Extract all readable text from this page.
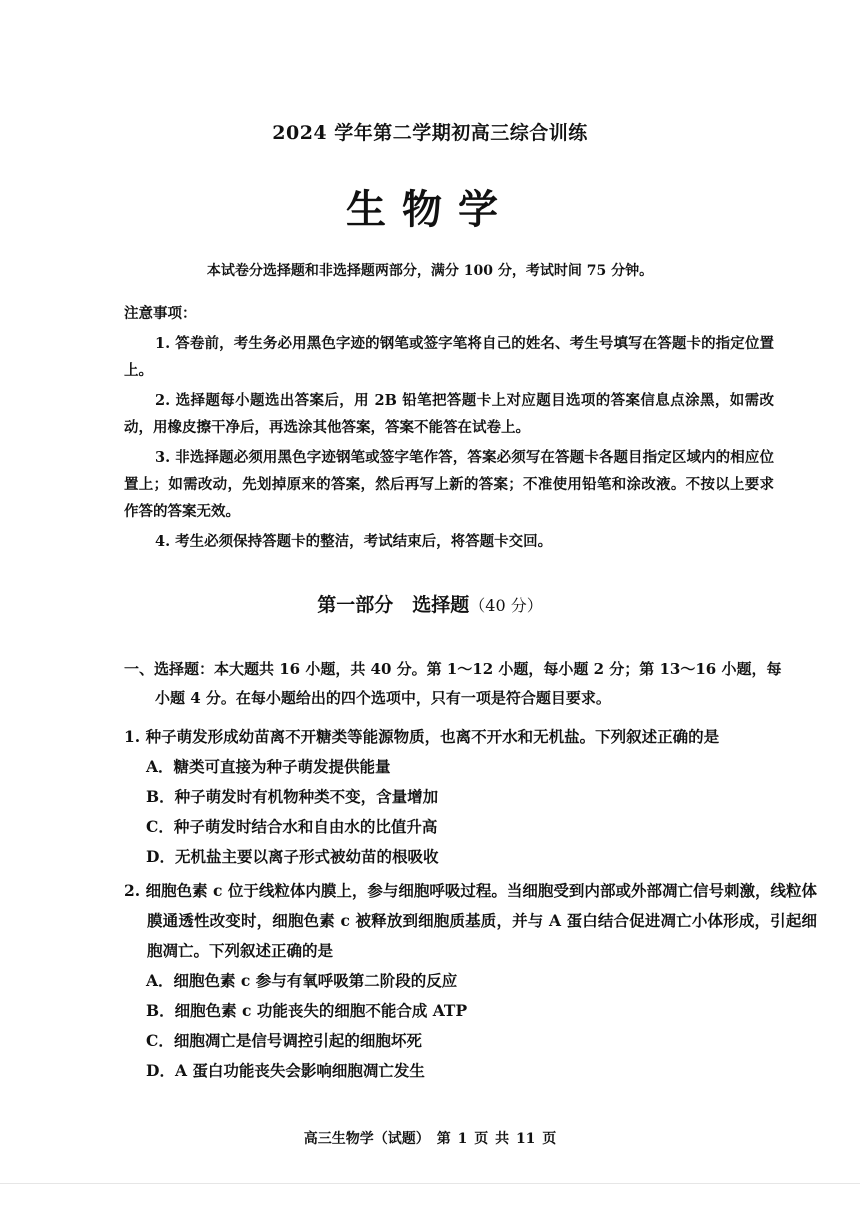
2024 学年第二学期初高三综合训练
生物学
本试卷分选择题和非选择题两部分，满分 100 分，考试时间 75 分钟。
注意事项：

1. 答卷前，考生务必用黑色字迹的钢笔或签字笔将自己的姓名、考生号填写在答题卡的指定位置上。

2. 选择题每小题选出答案后，用 2B 铅笔把答题卡上对应题目选项的答案信息点涂黑，如需改动，用橡皮擦干净后，再选涂其他答案，答案不能答在试卷上。

3. 非选择题必须用黑色字迹钢笔或签字笔作答，答案必须写在答题卡各题目指定区域内的相应位置上；如需改动，先划掉原来的答案，然后再写上新的答案；不准使用铅笔和涂改液。不按以上要求作答的答案无效。

4. 考生必须保持答题卡的整洁，考试结束后，将答题卡交回。

第一部分　选择题（40 分）
一、选择题：本大题共 16 小题，共 40 分。第 1～12 小题，每小题 2 分；第 13～16 小题，每小题 4 分。在每小题给出的四个选项中，只有一项是符合题目要求。
1. 种子萌发形成幼苗离不开糖类等能源物质，也离不开水和无机盐。下列叙述正确的是
A．糖类可直接为种子萌发提供能量
B．种子萌发时有机物种类不变，含量增加
C．种子萌发时结合水和自由水的比值升高
D．无机盐主要以离子形式被幼苗的根吸收
2. 细胞色素 c 位于线粒体内膜上，参与细胞呼吸过程。当细胞受到内部或外部凋亡信号刺激，线粒体膜通透性改变时，细胞色素 c 被释放到细胞质基质，并与 A 蛋白结合促进凋亡小体形成，引起细胞凋亡。下列叙述正确的是
A．细胞色素 c 参与有氧呼吸第二阶段的反应
B．细胞色素 c 功能丧失的细胞不能合成 ATP
C．细胞凋亡是信号调控引起的细胞坏死
D．A 蛋白功能丧失会影响细胞凋亡发生
高三生物学（试题）　第 1 页 共 11 页
